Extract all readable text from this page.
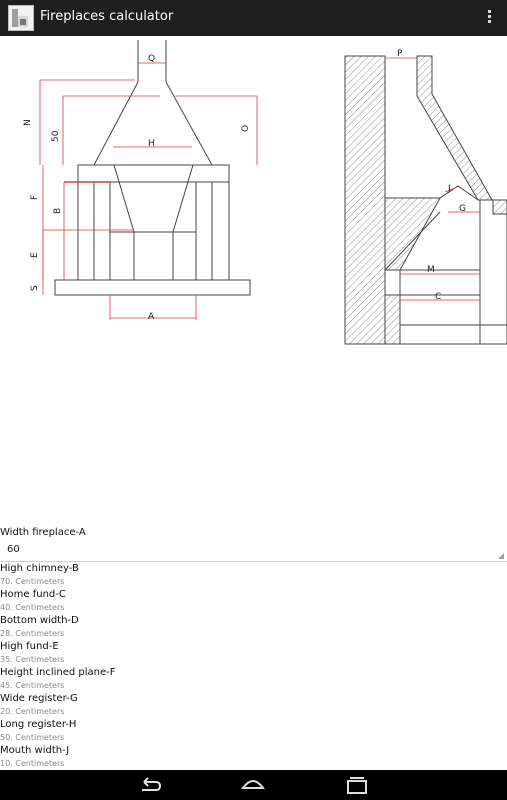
Fireplaces calculator
Q
N
50
O
H
F
B
E
S
A
P
J
G
M
C
Width fireplace-A
60
High chimney-B
70. Centimeters
Home fund-C
40. Centimeters
Bottom width-D
28. Centimeters
High fund-E
35. Centimeters
Height inclined plane-F
45. Centimeters
Wide register-G
20. Centimeters
Long register-H
50. Centimeters
Mouth width-J
10. Centimeters
